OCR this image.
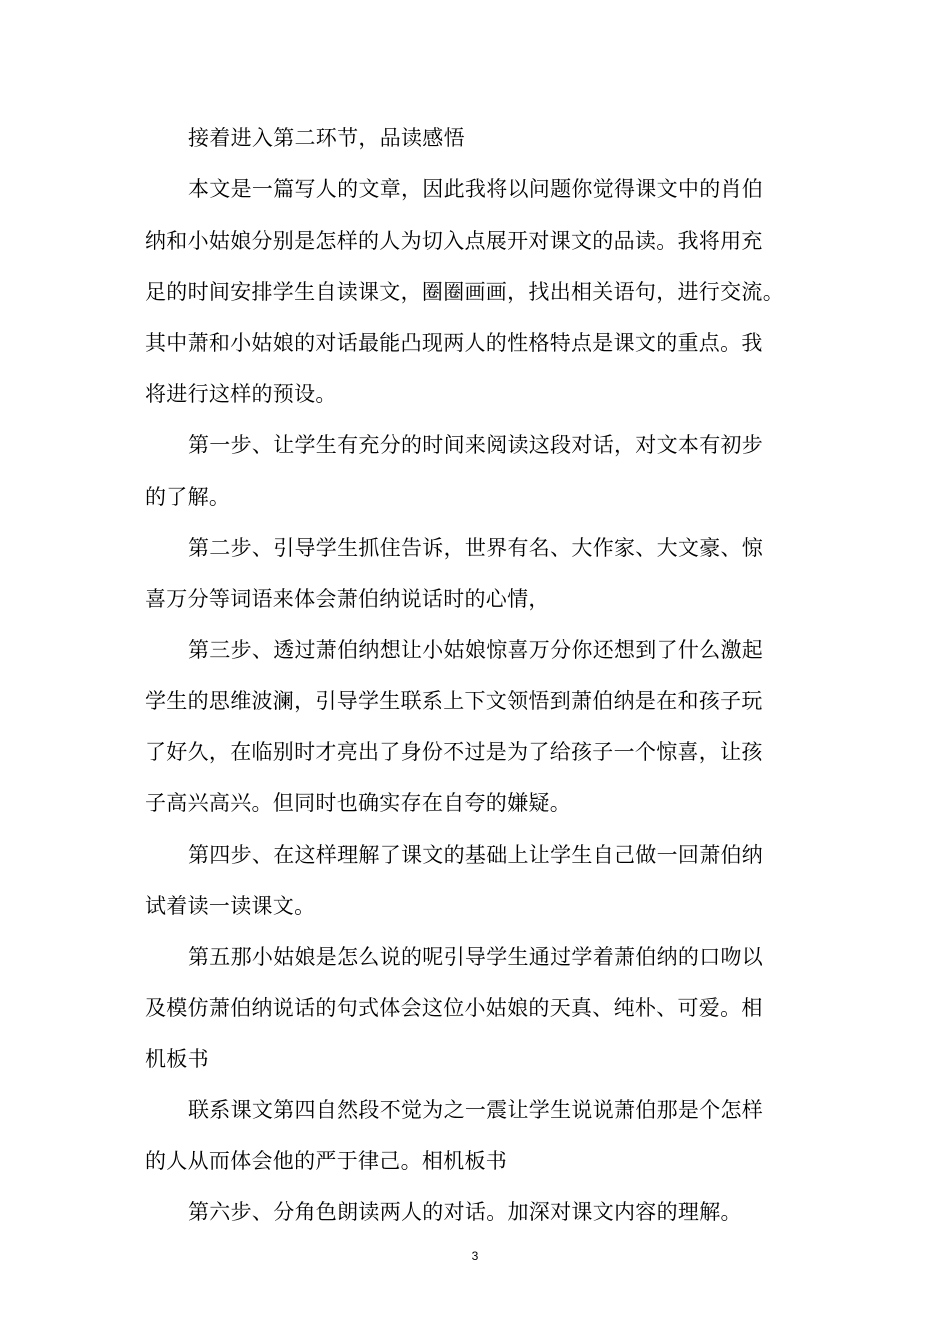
接着进入第二环节，品读感悟
本文是一篇写人的文章，因此我将以问题你觉得课文中的肖伯
纳和小姑娘分别是怎样的人为切入点展开对课文的品读。我将用充
足的时间安排学生自读课文，圈圈画画，找出相关语句，进行交流。
其中萧和小姑娘的对话最能凸现两人的性格特点是课文的重点。我
将进行这样的预设。
第一步、让学生有充分的时间来阅读这段对话，对文本有初步
的了解。
第二步、引导学生抓住告诉，世界有名、大作家、大文豪、惊
喜万分等词语来体会萧伯纳说话时的心情，
第三步、透过萧伯纳想让小姑娘惊喜万分你还想到了什么激起
学生的思维波澜，引导学生联系上下文领悟到萧伯纳是在和孩子玩
了好久，在临别时才亮出了身份不过是为了给孩子一个惊喜，让孩
子高兴高兴。但同时也确实存在自夸的嫌疑。
第四步、在这样理解了课文的基础上让学生自己做一回萧伯纳
试着读一读课文。
第五那小姑娘是怎么说的呢引导学生通过学着萧伯纳的口吻以
及模仿萧伯纳说话的句式体会这位小姑娘的天真、纯朴、可爱。相
机板书
联系课文第四自然段不觉为之一震让学生说说萧伯那是个怎样
的人从而体会他的严于律己。相机板书
第六步、分角色朗读两人的对话。加深对课文内容的理解。
3
